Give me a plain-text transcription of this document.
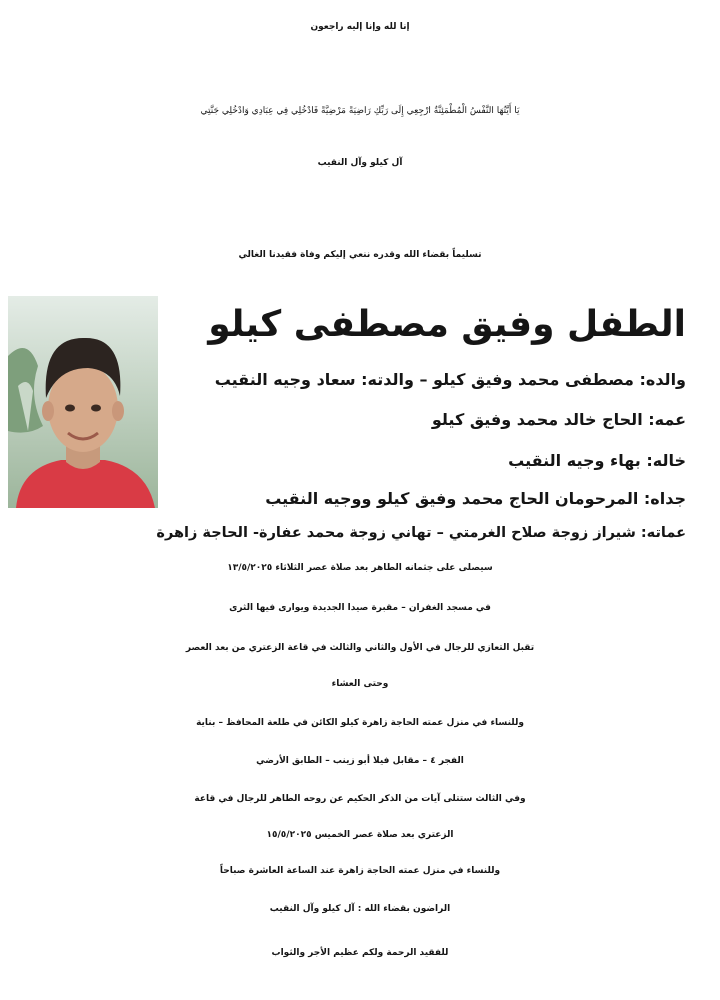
إنا لله وإنا إليه راجعون
يَا أَيَّتُهَا النَّفْسُ الْمُطْمَئِنَّةُ ارْجِعِي إِلَى رَبِّكِ رَاضِيَةً مَرْضِيَّةً فَادْخُلِي فِي عِبَادِي وَادْخُلِي جَنَّتِي
آل كيلو وآل النقيب
تسليماً بقضاء الله وقدره ننعي إليكم وفاة فقيدنا الغالي
الطفل وفيق مصطفى كيلو
والده: مصطفى محمد وفيق كيلو – والدته: سعاد وجيه النقيب
عمه: الحاج خالد محمد وفيق كيلو
خاله: بهاء وجيه النقيب
جداه: المرحومان الحاج محمد وفيق كيلو ووجيه النقيب
عماته: شيراز زوجة صلاح الغرمتي – تهاني زوجة محمد عفارة- الحاجة زاهرة
سيصلى على جثمانه الطاهر بعد صلاة عصر الثلاثاء ١٣/٥/٢٠٢٥
في مسجد الغفران – مقبرة صيدا الجديدة ويوارى فيها الثرى
تقبل التعازي للرجال في الأول والثاني والثالث في قاعة الزعتري من بعد العصر
وحتى العشاء
وللنساء في منزل عمته الحاجة زاهرة كيلو الكائن في طلعة المحافظ – بناية
الفجر ٤ – مقابل فيلا أبو زينب – الطابق الأرضي
وفي الثالث ستتلى آيات من الذكر الحكيم عن روحه الطاهر للرجال في قاعة
الزعتري بعد صلاة عصر الخميس ١٥/٥/٢٠٢٥
وللنساء في منزل عمته الحاجة زاهرة عند الساعة العاشرة صباحاً
الراضون بقضاء الله : آل كيلو وآل النقيب
للفقيد الرحمة ولكم عظيم الأجر والثواب
